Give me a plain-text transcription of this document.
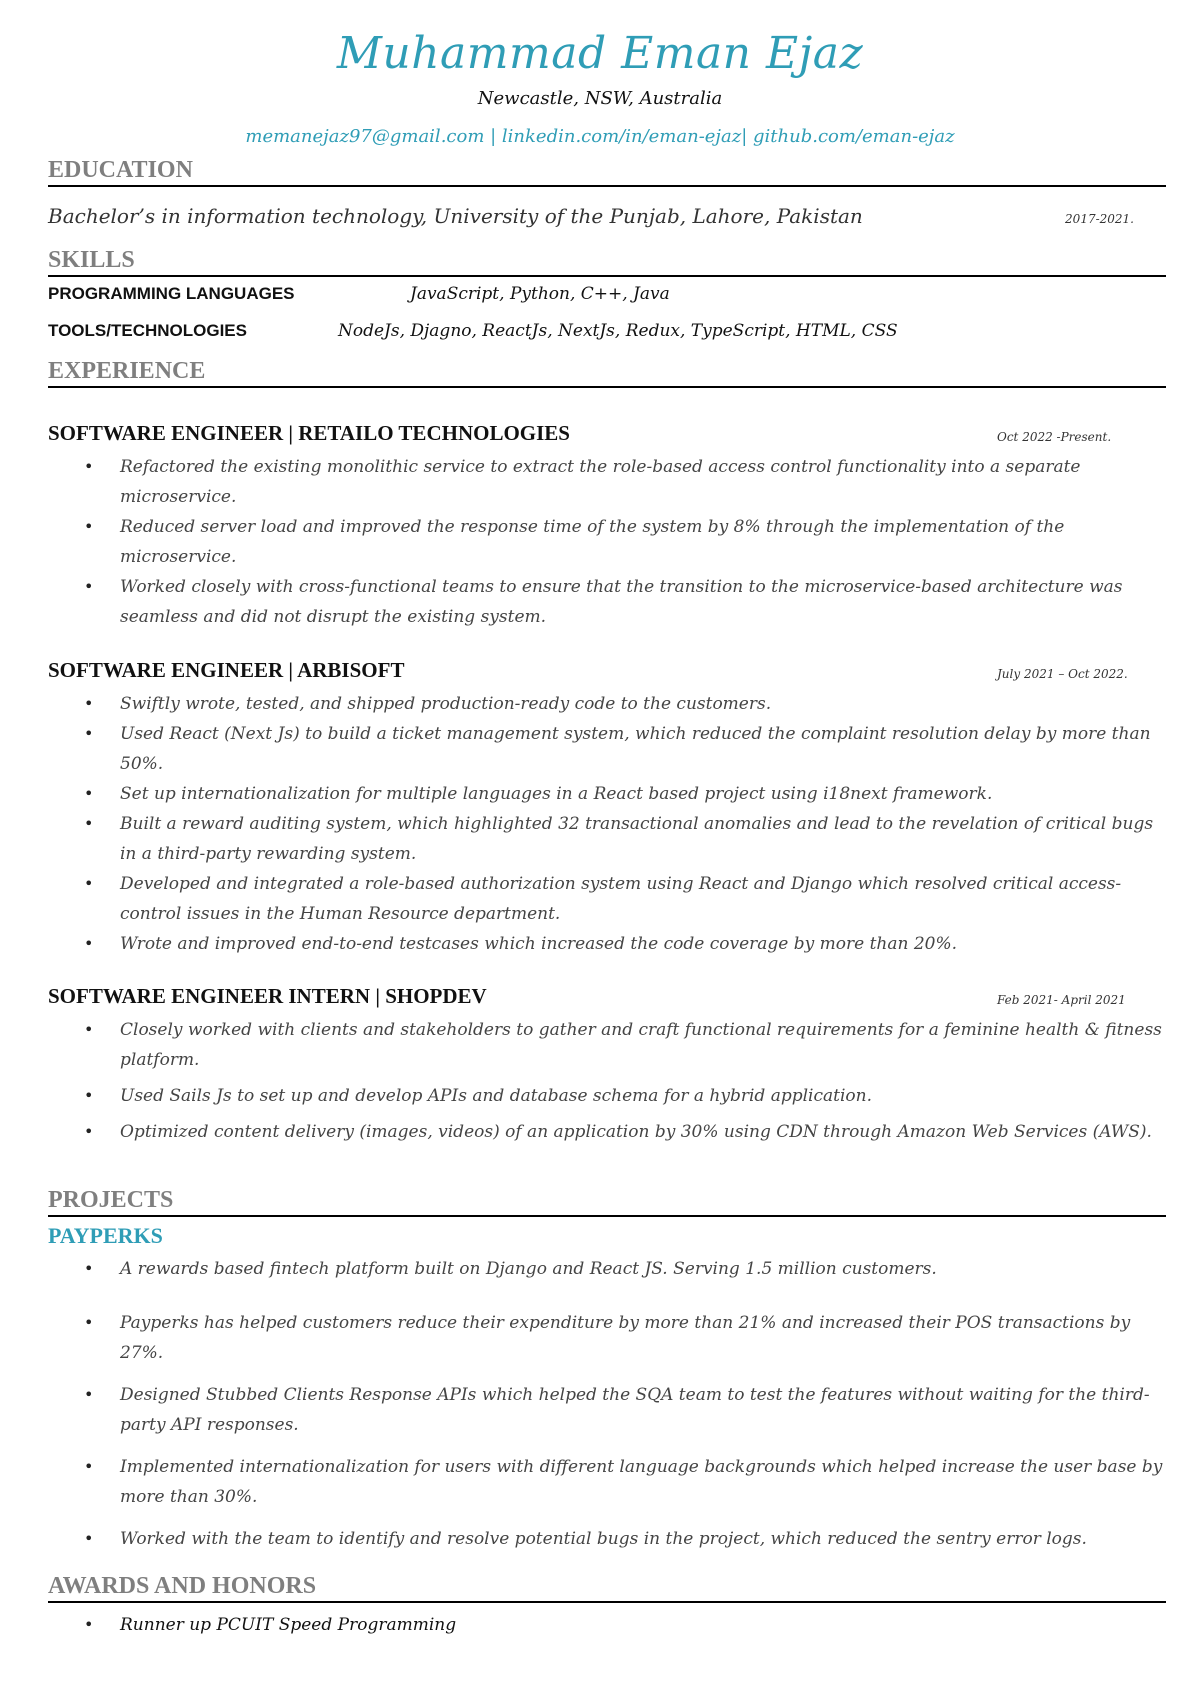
Muhammad Eman Ejaz
Newcastle, NSW, Australia
memanejaz97@gmail.com | linkedin.com/in/eman-ejaz| github.com/eman-ejaz
EDUCATION
Bachelor’s in information technology, University of the Punjab, Lahore, Pakistan	2017-2021.
SKILLS
PROGRAMMING LANGUAGES	JavaScript, Python, C++, Java
TOOLS/TECHNOLOGIES	NodeJs, Djagno, ReactJs, NextJs, Redux, TypeScript, HTML, CSS
EXPERIENCE
SOFTWARE ENGINEER | RETAILO TECHNOLOGIES	Oct 2022 -Present.
• Refactored the existing monolithic service to extract the role-based access control functionality into a separate microservice.
• Reduced server load and improved the response time of the system by 8% through the implementation of the microservice.
• Worked closely with cross-functional teams to ensure that the transition to the microservice-based architecture was seamless and did not disrupt the existing system.
SOFTWARE ENGINEER | ARBISOFT	July 2021 – Oct 2022.
• Swiftly wrote, tested, and shipped production-ready code to the customers.
• Used React (Next Js) to build a ticket management system, which reduced the complaint resolution delay by more than 50%.
• Set up internationalization for multiple languages in a React based project using i18next framework.
• Built a reward auditing system, which highlighted 32 transactional anomalies and lead to the revelation of critical bugs in a third-party rewarding system.
• Developed and integrated a role-based authorization system using React and Django which resolved critical access-control issues in the Human Resource department.
• Wrote and improved end-to-end testcases which increased the code coverage by more than 20%.
SOFTWARE ENGINEER INTERN | SHOPDEV	Feb 2021- April 2021
• Closely worked with clients and stakeholders to gather and craft functional requirements for a feminine health & fitness platform.
• Used Sails Js to set up and develop APIs and database schema for a hybrid application.
• Optimized content delivery (images, videos) of an application by 30% using CDN through Amazon Web Services (AWS).
PROJECTS
PAYPERKS
• A rewards based fintech platform built on Django and React JS. Serving 1.5 million customers.
• Payperks has helped customers reduce their expenditure by more than 21% and increased their POS transactions by 27%.
• Designed Stubbed Clients Response APIs which helped the SQA team to test the features without waiting for the third-party API responses.
• Implemented internationalization for users with different language backgrounds which helped increase the user base by more than 30%.
• Worked with the team to identify and resolve potential bugs in the project, which reduced the sentry error logs.
AWARDS AND HONORS
• Runner up PCUIT Speed Programming
